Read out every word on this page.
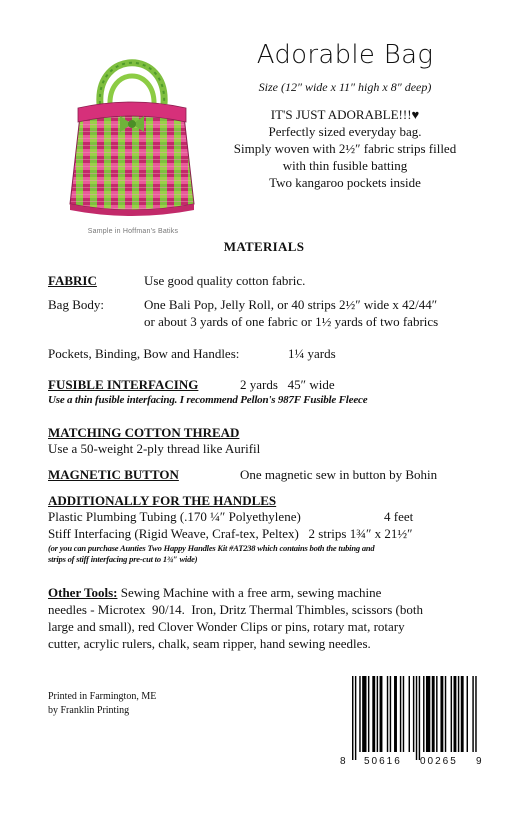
Sample in Hoffman's Batiks
Adorable Bag
Size (12″ wide x 11″ high x 8″ deep)
IT'S JUST ADORABLE!!!♥
Perfectly sized everyday bag.
Simply woven with 2½″ fabric strips filled
with thin fusible batting
Two kangaroo pockets inside
MATERIALS
FABRIC	Use good quality cotton fabric.
Bag Body:	One Bali Pop, Jelly Roll, or 40 strips 2½″ wide x 42/44″
or about 3 yards of one fabric or 1½ yards of two fabrics
Pockets, Binding, Bow and Handles:	1¼ yards
FUSIBLE INTERFACING	2 yards   45″ wide
Use a thin fusible interfacing. I recommend Pellon's 987F Fusible Fleece
MATCHING COTTON THREAD
Use a 50-weight 2-ply thread like Aurifil
MAGNETIC BUTTON	One magnetic sew in button by Bohin
ADDITIONALLY FOR THE HANDLES
Plastic Plumbing Tubing (.170 ¼″ Polyethylene)	4 feet
Stiff Interfacing (Rigid Weave, Craf-tex, Peltex)   2 strips 1¾″ x 21½″
(or you can purchase Aunties Two Happy Handles Kit #AT238 which contains both the tubing and
strips of stiff interfacing pre-cut to 1¾″ wide)
Other Tools: Sewing Machine with a free arm, sewing machine
needles - Microtex  90/14.  Iron, Dritz Thermal Thimbles, scissors (both
large and small), red Clover Wonder Clips or pins, rotary mat, rotary
cutter, acrylic rulers, chalk, seam ripper, hand sewing needles.
Printed in Farmington, ME
by Franklin Printing
8 50616 00265 9
